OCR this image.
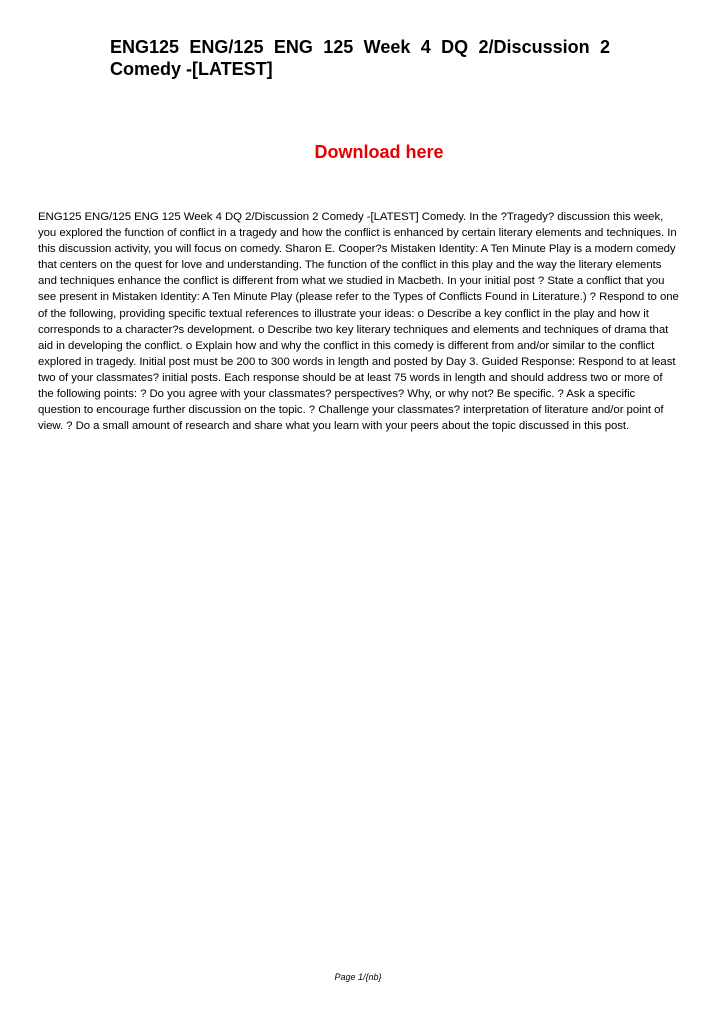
ENG125 ENG/125 ENG 125 Week 4 DQ 2/Discussion 2 Comedy -[LATEST]
Download here

ENG125 ENG/125 ENG 125 Week 4 DQ 2/Discussion 2 Comedy -[LATEST] Comedy. In the ?Tragedy? discussion this week, you explored the function of conflict in a tragedy and how the conflict is enhanced by certain literary elements and techniques. In this discussion activity, you will focus on comedy. Sharon E. Cooper?s Mistaken Identity: A Ten Minute Play is a modern comedy that centers on the quest for love and understanding. The function of the conflict in this play and the way the literary elements and techniques enhance the conflict is different from what we studied in Macbeth. In your initial post ? State a conflict that you see present in Mistaken Identity: A Ten Minute Play (please refer to the Types of Conflicts Found in Literature.) ? Respond to one of the following, providing specific textual references to illustrate your ideas: o Describe a key conflict in the play and how it corresponds to a character?s development. o Describe two key literary techniques and elements and techniques of drama that aid in developing the conflict. o Explain how and why the conflict in this comedy is different from and/or similar to the conflict explored in tragedy. Initial post must be 200 to 300 words in length and posted by Day 3. Guided Response: Respond to at least two of your classmates? initial posts. Each response should be at least 75 words in length and should address two or more of the following points: ? Do you agree with your classmates? perspectives? Why, or why not? Be specific. ? Ask a specific question to encourage further discussion on the topic. ? Challenge your classmates? interpretation of literature and/or point of view. ? Do a small amount of research and share what you learn with your peers about the topic discussed in this post.

Page 1/{nb}
